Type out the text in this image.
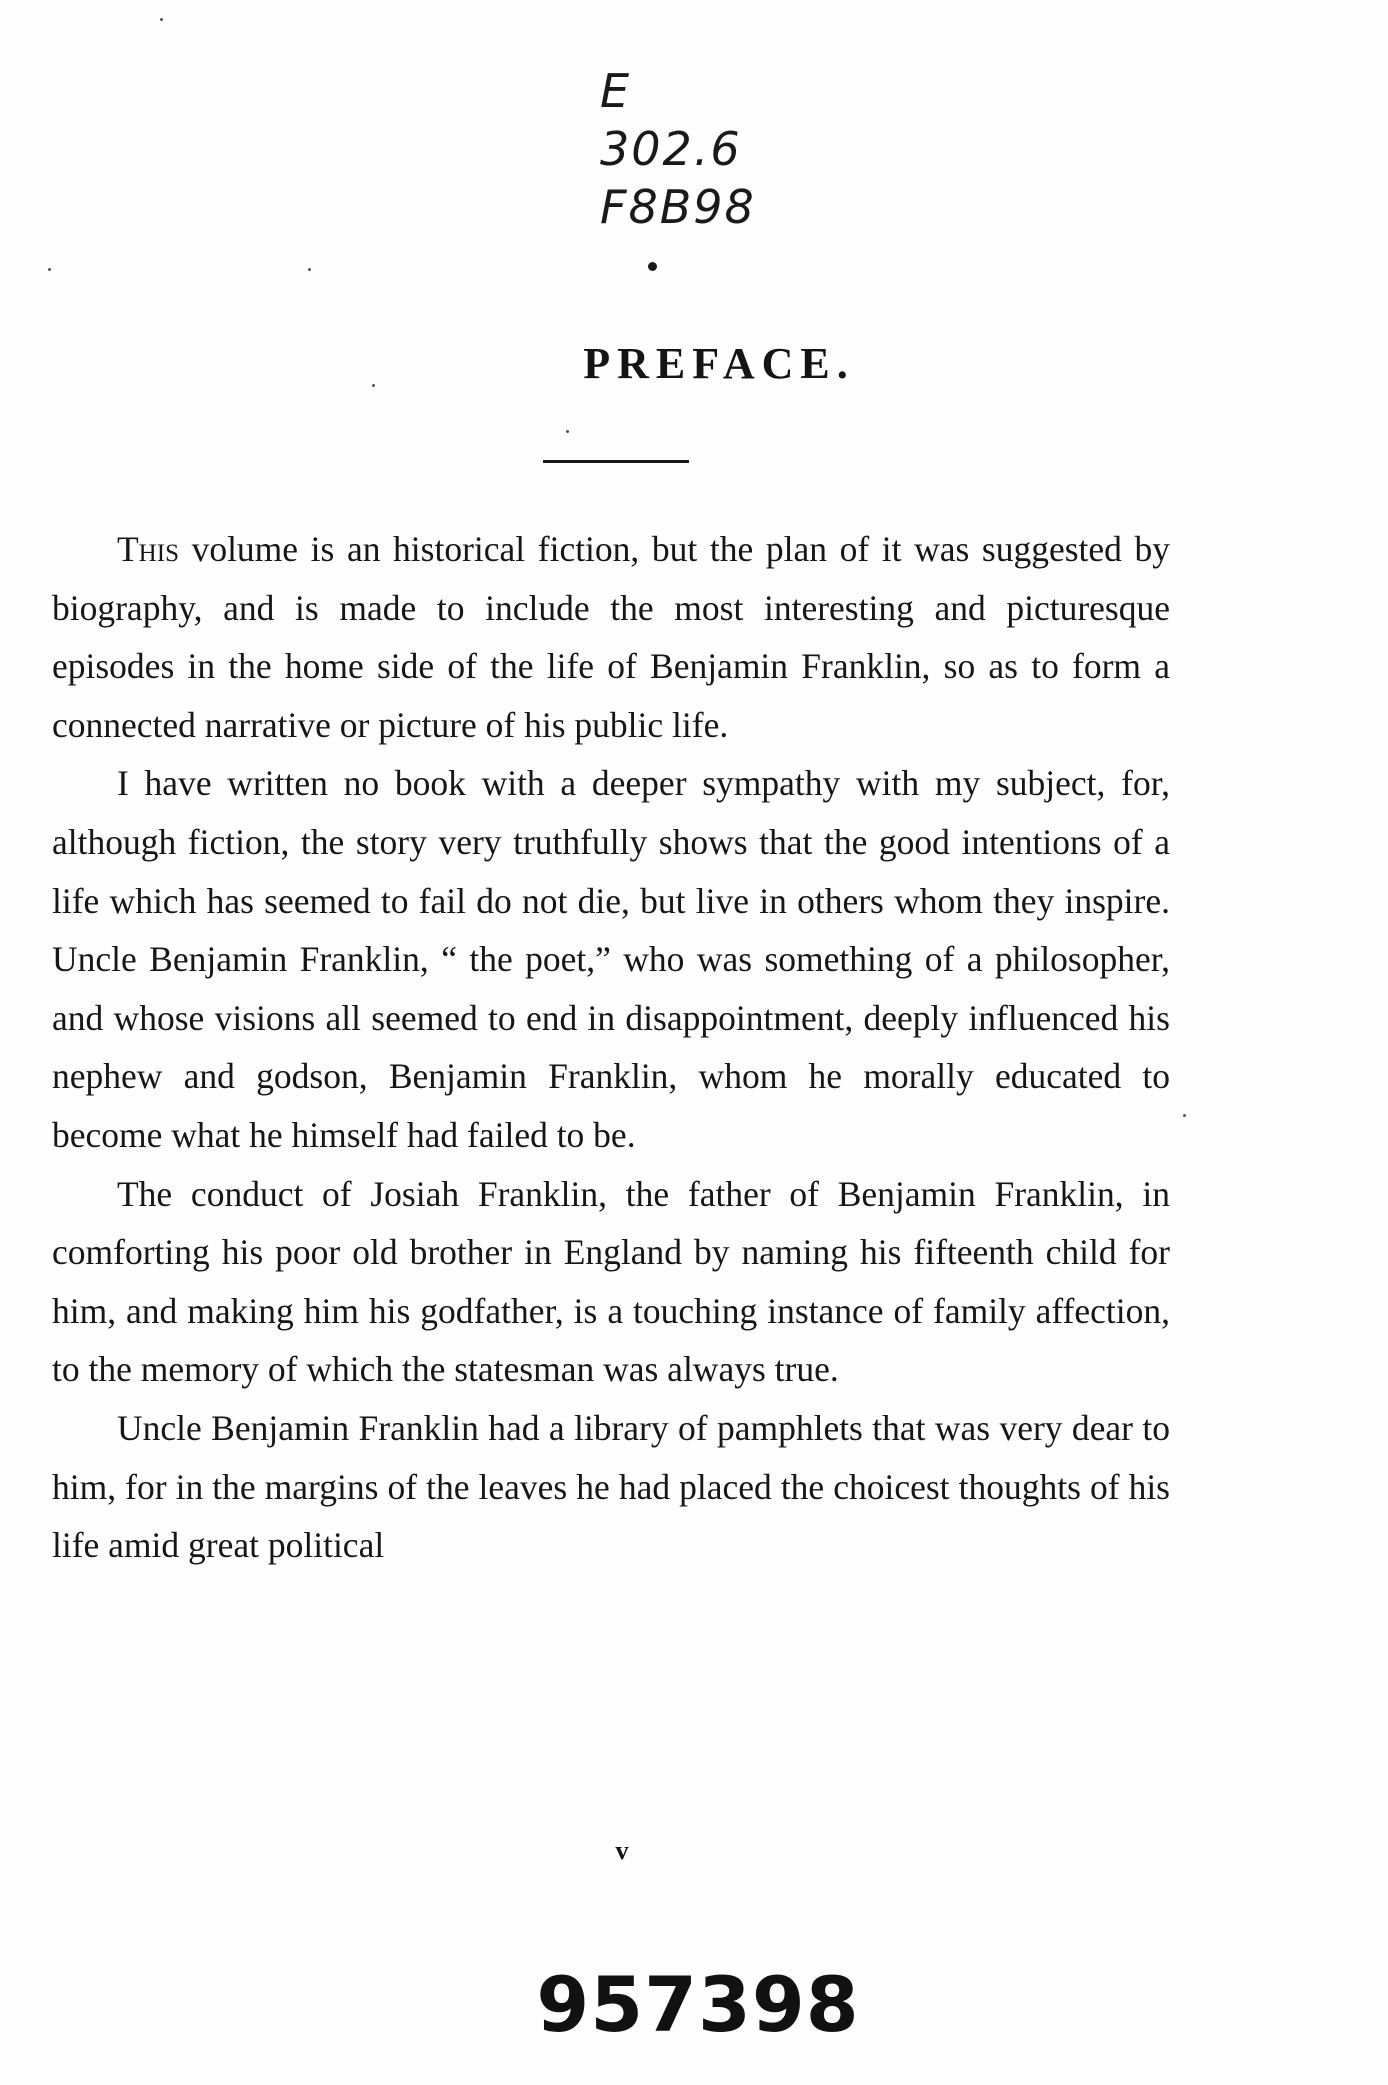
E
302.6
F8B98
PREFACE.

This volume is an historical fiction, but the plan of it was suggested by biography, and is made to include the most interesting and picturesque episodes in the home side of the life of Benjamin Franklin, so as to form a connected narrative or picture of his public life.

I have written no book with a deeper sympathy with my subject, for, although fiction, the story very truthfully shows that the good intentions of a life which has seemed to fail do not die, but live in others whom they inspire. Uncle Benjamin Franklin, “ the poet,” who was something of a philosopher, and whose visions all seemed to end in disappointment, deeply influenced his nephew and godson, Benjamin Franklin, whom he morally educated to become what he himself had failed to be.

The conduct of Josiah Franklin, the father of Benjamin Franklin, in comforting his poor old brother in England by naming his fifteenth child for him, and making him his godfather, is a touching instance of family affection, to the memory of which the statesman was always true.

Uncle Benjamin Franklin had a library of pamphlets that was very dear to him, for in the margins of the leaves he had placed the choicest thoughts of his life amid great political

v
957398
